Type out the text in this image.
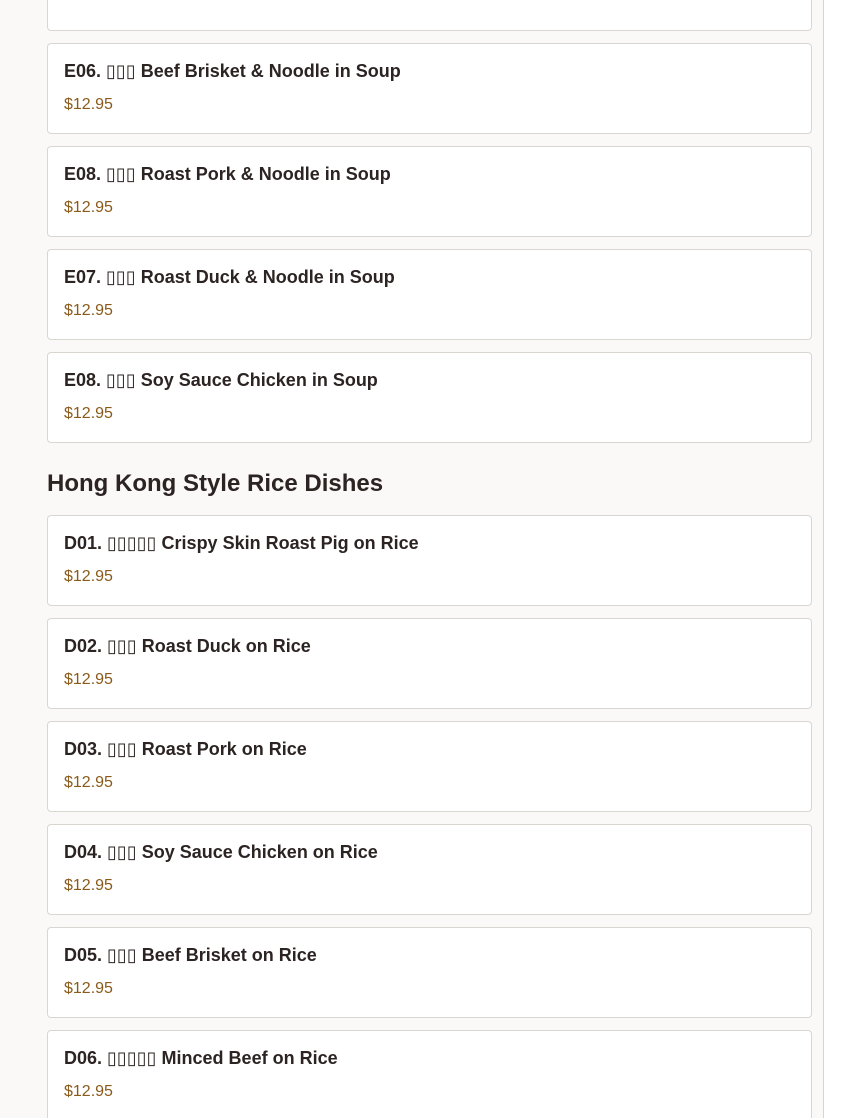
E06. ▯▯▯ Beef Brisket & Noodle in Soup
$12.95
E08. ▯▯▯ Roast Pork & Noodle in Soup
$12.95
E07. ▯▯▯ Roast Duck & Noodle in Soup
$12.95
E08. ▯▯▯ Soy Sauce Chicken in Soup
$12.95
Hong Kong Style Rice Dishes
D01. ▯▯▯▯▯ Crispy Skin Roast Pig on Rice
$12.95
D02. ▯▯▯ Roast Duck on Rice
$12.95
D03. ▯▯▯ Roast Pork on Rice
$12.95
D04. ▯▯▯ Soy Sauce Chicken on Rice
$12.95
D05. ▯▯▯ Beef Brisket on Rice
$12.95
D06. ▯▯▯▯▯ Minced Beef on Rice
$12.95
